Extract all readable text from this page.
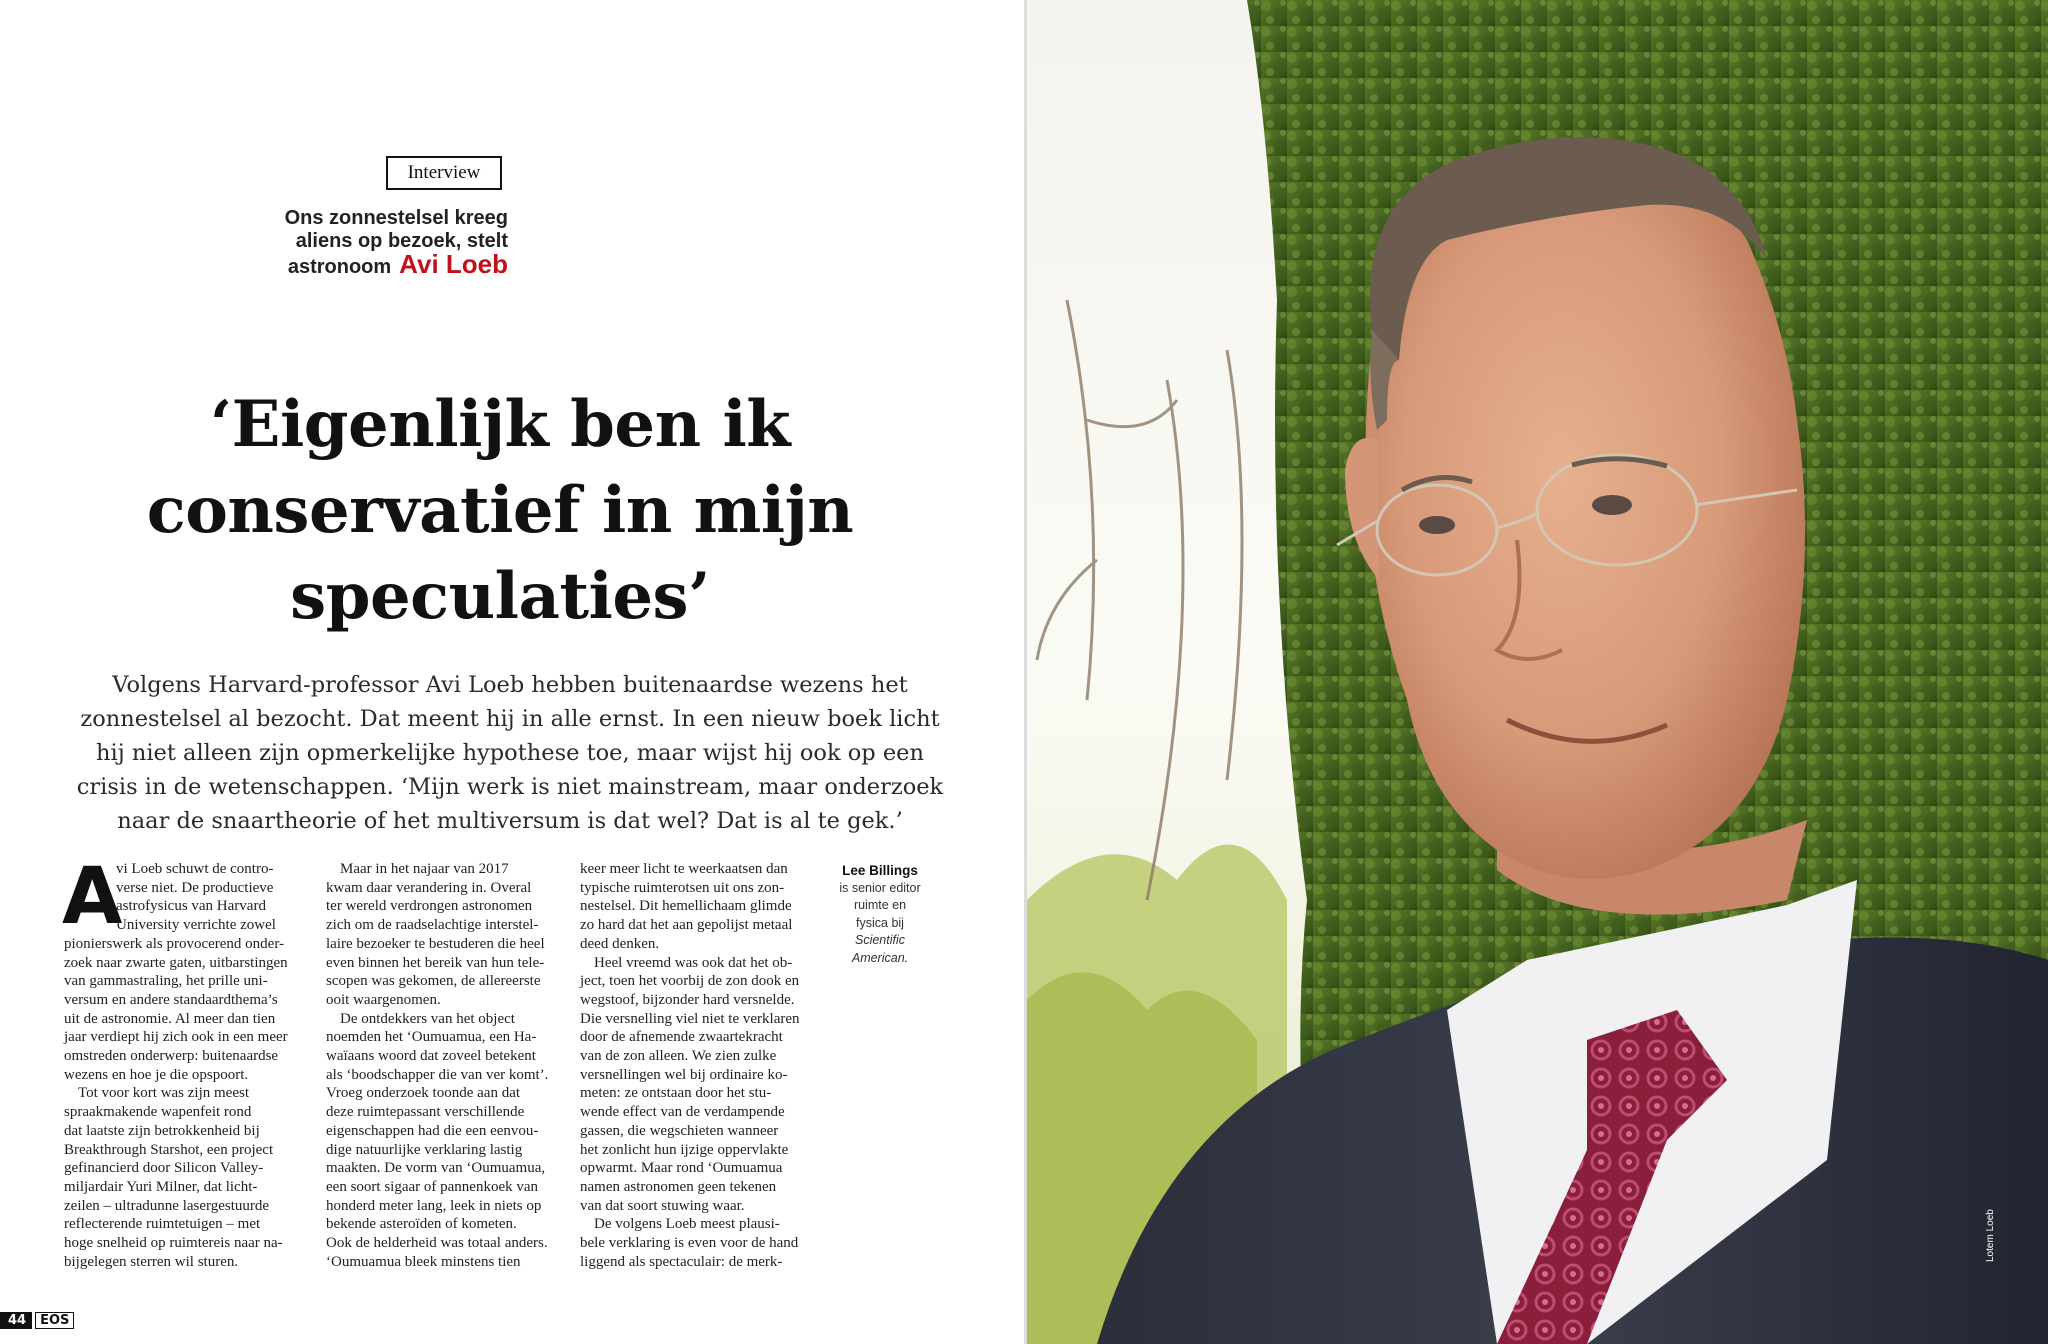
Interview
Ons zonnestelsel kreeg
aliens op bezoek, stelt
astronoom Avi Loeb
‘Eigenlijk ben ik
conservatief in mijn
speculaties’
Volgens Harvard-professor Avi Loeb hebben buitenaardse wezens het
zonnestelsel al bezocht. Dat meent hij in alle ernst. In een nieuw boek licht
hij niet alleen zijn opmerkelijke hypothese toe, maar wijst hij ook op een
crisis in de wetenschappen. ‘Mijn werk is niet mainstream, maar onderzoek
naar de snaartheorie of het multiversum is dat wel? Dat is al te gek.’
A
vi Loeb schuwt de contro-
verse niet. De productieve
astrofysicus van Harvard
University verrichte zowel
pionierswerk als provocerend onder-
zoek naar zwarte gaten, uitbarstingen
van gammastraling, het prille uni-
versum en andere standaardthema’s
uit de astronomie. Al meer dan tien
jaar verdiept hij zich ook in een meer
omstreden onderwerp: buitenaardse
wezens en hoe je die opspoort.
Tot voor kort was zijn meest
spraakmakende wapenfeit rond
dat laatste zijn betrokkenheid bij
Breakthrough Starshot, een project
gefinancierd door Silicon Valley-
miljardair Yuri Milner, dat licht-
zeilen – ultradunne lasergestuurde
reflecterende ruimtetuigen – met
hoge snelheid op ruimtereis naar na-
bijgelegen sterren wil sturen.
Maar in het najaar van 2017
kwam daar verandering in. Overal
ter wereld verdrongen astronomen
zich om de raadselachtige interstel-
laire bezoeker te bestuderen die heel
even binnen het bereik van hun tele-
scopen was gekomen, de allereerste
ooit waargenomen.
De ontdekkers van het object
noemden het ‘Oumuamua, een Ha-
waïaans woord dat zoveel betekent
als ‘boodschapper die van ver komt’.
Vroeg onderzoek toonde aan dat
deze ruimtepassant verschillende
eigenschappen had die een eenvou-
dige natuurlijke verklaring lastig
maakten. De vorm van ‘Oumuamua,
een soort sigaar of pannenkoek van
honderd meter lang, leek in niets op
bekende asteroïden of kometen.
Ook de helderheid was totaal anders.
‘Oumuamua bleek minstens tien
keer meer licht te weerkaatsen dan
typische ruimterotsen uit ons zon-
nestelsel. Dit hemellichaam glimde
zo hard dat het aan gepolijst metaal
deed denken.
Heel vreemd was ook dat het ob-
ject, toen het voorbij de zon dook en
wegstoof, bijzonder hard versnelde.
Die versnelling viel niet te verklaren
door de afnemende zwaartekracht
van de zon alleen. We zien zulke
versnellingen wel bij ordinaire ko-
meten: ze ontstaan door het stu-
wende effect van de verdampende
gassen, die wegschieten wanneer
het zonlicht hun ijzige oppervlakte
opwarmt. Maar rond ‘Oumuamua
namen astronomen geen tekenen
van dat soort stuwing waar.
De volgens Loeb meest plausi-
bele verklaring is even voor de hand
liggend als spectaculair: de merk-
Lee Billings
is senior editor
ruimte en
fysica bij
Scientific
American.
44	EOS
Lotem Loeb
